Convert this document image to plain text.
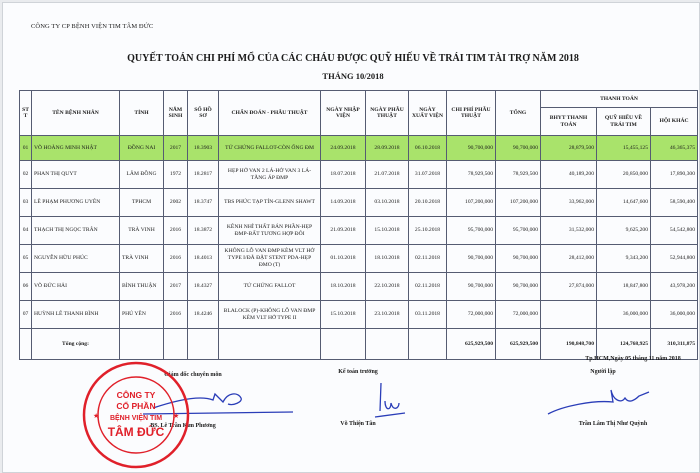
CÔNG TY CP BỆNH VIỆN TIM TÂM ĐỨC
QUYẾT TOÁN CHI PHÍ MỔ CỦA CÁC CHÁU ĐƯỢC QUỸ HIẾU VỀ TRÁI TIM TÀI TRỢ NĂM 2018
THÁNG 10/2018
ST T	TÊN BỆNH NHÂN	TỈNH	NĂM SINH	SỐ HỒ SƠ	CHẨN ĐOÁN - PHẪU THUẬT	NGÀY NHẬP VIỆN	NGÀY PHẪU THUẬT	NGÀY XUẤT VIỆN	CHI PHÍ PHẪU THUẬT	TỔNG	THANH TOÁN		
											BHYT THANH TOÁN	QUỸ HIẾU VỀ TRÁI TIM	HỘI KHÁC
01	VÕ HOÀNG MINH NHẬT	ĐỒNG NAI	2017	18.3903	TỨ CHỨNG FALLOT-CÒN ỐNG ĐM	24.09.2018	28.09.2018	06.10.2018	90,700,000	90,700,000	28,879,500	15,455,125	46,365,375
02	PHAN THỊ QUYT	LÂM ĐỒNG	1972	18.2817	HẸP HỞ VAN 2 LÁ-HỞ VAN 3 LÁ-TĂNG ÁP ĐMP	18.07.2018	21.07.2018	31.07.2018	78,929,500	78,929,500	40,189,200	20,850,000	17,890,300
03	LÊ PHẠM PHƯƠNG UYÊN	TPHCM	2002	18.3747	TBS PHỨC TẠP TÍN-GLENN SHAWT	14.09.2018	03.10.2018	20.10.2018	107,200,000	107,200,000	33,962,000	14,647,600	58,590,400
04	THẠCH THỊ NGỌC TRÂN	TRÀ VINH	2016	18.3872	KÊNH NHĨ THẤT BÁN PHẦN-HẸP ĐMP-BẤT TƯƠNG HỢP ĐÔI	21.09.2018	15.10.2018	25.10.2018	95,700,000	95,700,000	31,532,000	9,625,200	54,542,800
05	NGUYỄN HỮU PHÚC	TRÀ VINH	2016	18.4013	KHÔNG LỖ VAN ĐMP KÈM VLT HỞ TYPE I/ĐÃ ĐẶT STENT PDA-HẸP ĐMO (T)	01.10.2018	18.10.2018	02.11.2018	90,700,000	90,700,000	28,412,000	9,343,200	52,944,800
06	VÕ ĐỨC HẢI	BÌNH THUẬN	2017	18.4327	TỨ CHỨNG FALLOT	18.10.2018	22.10.2018	02.11.2018	90,700,000	90,700,000	27,874,000	18,847,800	43,978,200
07	HUỲNH LÊ THANH BÌNH	PHÚ YÊN	2016	18.4246	BLALOCK (P)-KHÔNG LỖ VAN ĐMP KÈM VLT HỞ TYPE II	15.10.2018	23.10.2018	03.11.2018	72,000,000	72,000,000		36,000,000	36,000,000
	Tổng cộng:								625,929,500	625,929,500	190,848,700	124,768,925	310,311,875
Tp.HCM,Ngày 05 tháng 11 năm 2018
Giám đốc chuyên môn
BS. Lê Trần Kim Phương
CÔNG TY
CỔ PHẦN
BỆNH VIỆN TIM
TÂM ĐỨC
★	★
Kế toán trưởng
Võ Thiện Tân
Người lập
Trần Lâm Thị Như Quỳnh
